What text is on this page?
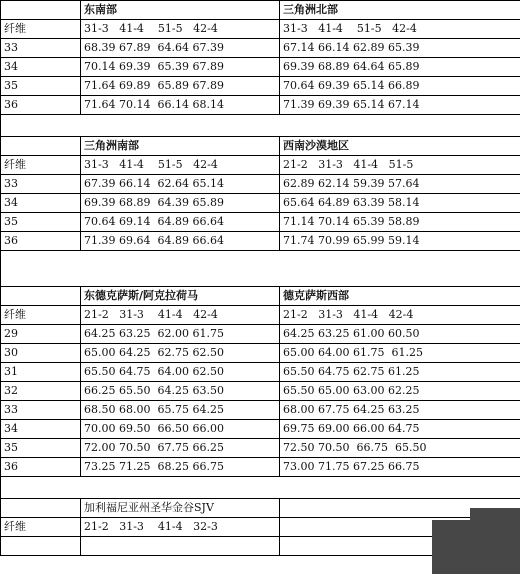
	东南部	三角洲北部
纤维	31-3   41-4    51-5   42-4	31-3   41-4    51-5   42-4
33	68.39 67.89  64.64 67.39	67.14 66.14 62.89 65.39
34	70.14 69.39  65.39 67.89	69.39 68.89 64.64 65.89
35	71.64 69.89  65.89 67.89	70.64 69.39 65.14 66.89
36	71.64 70.14  66.14 68.14	71.39 69.39 65.14 67.14

	三角洲南部	西南沙漠地区
纤维	31-3   41-4    51-5   42-4	21-2   31-3   41-4   51-5
33	67.39 66.14  62.64 65.14	62.89 62.14 59.39 57.64
34	69.39 68.89  64.39 65.89	65.64 64.89 63.39 58.14
35	70.64 69.14  64.89 66.64	71.14 70.14 65.39 58.89
36	71.39 69.64  64.89 66.64	71.74 70.99 65.99 59.14

	东德克萨斯/阿克拉荷马	德克萨斯西部
纤维	21-2   31-3    41-4   42-4	21-2   31-3   41-4   42-4
29	64.25 63.25  62.00 61.75	64.25 63.25 61.00 60.50
30	65.00 64.25  62.75 62.50	65.00 64.00 61.75  61.25
31	65.50 64.75  64.00 62.50	65.50 64.75 62.75 61.25
32	66.25 65.50  64.25 63.50	65.50 65.00 63.00 62.25
33	68.50 68.00  65.75 64.25	68.00 67.75 64.25 63.25
34	70.00 69.50  66.50 66.00	69.75 69.00 66.00 64.75
35	72.00 70.50  67.75 66.25	72.50 70.50  66.75  65.50
36	73.25 71.25  68.25 66.75	73.00 71.75 67.25 66.75

	加利福尼亚州圣华金谷SJV	
纤维	21-2   31-3    41-4   32-3	
